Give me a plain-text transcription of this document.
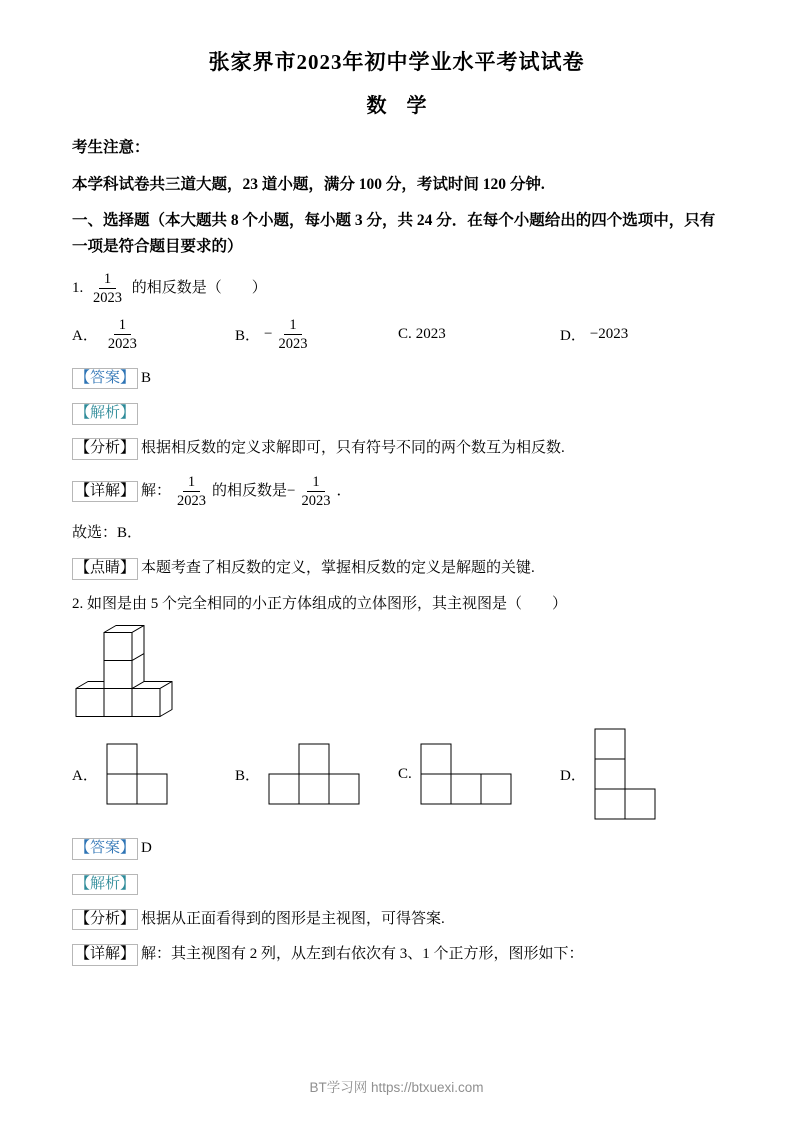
张家界市2023年初中学业水平考试试卷
数　学

考生注意：

本学科试卷共三道大题，23 道小题，满分 100 分，考试时间 120 分钟.

一、选择题（本大题共 8 个小题，每小题 3 分，共 24 分．在每个小题给出的四个选项中，只有一项是符合题目要求的）

1. $\frac{1}{2023}$ 的相反数是（　　）
A． $\frac{1}{2023}$	B． − $\frac{1}{2023}$	C. 2023	D． −2023

【答案】 B

【解析】

【分析】 根据相反数的定义求解即可，只有符号不同的两个数互为相反数.

【详解】 解： $\frac{1}{2023}$ 的相反数是− $\frac{1}{2023}$ ．

故选：B．

【点睛】 本题考查了相反数的定义，掌握相反数的定义是解题的关键.

2. 如图是由 5 个完全相同的小正方体组成的立体图形，其主视图是（　　）
A．	B．	C.	D．

【答案】 D

【解析】

【分析】 根据从正面看得到的图形是主视图，可得答案.

【详解】 解：其主视图有 2 列，从左到右依次有 3、1 个正方形，图形如下：

BT学习网 https://btxuexi.com
